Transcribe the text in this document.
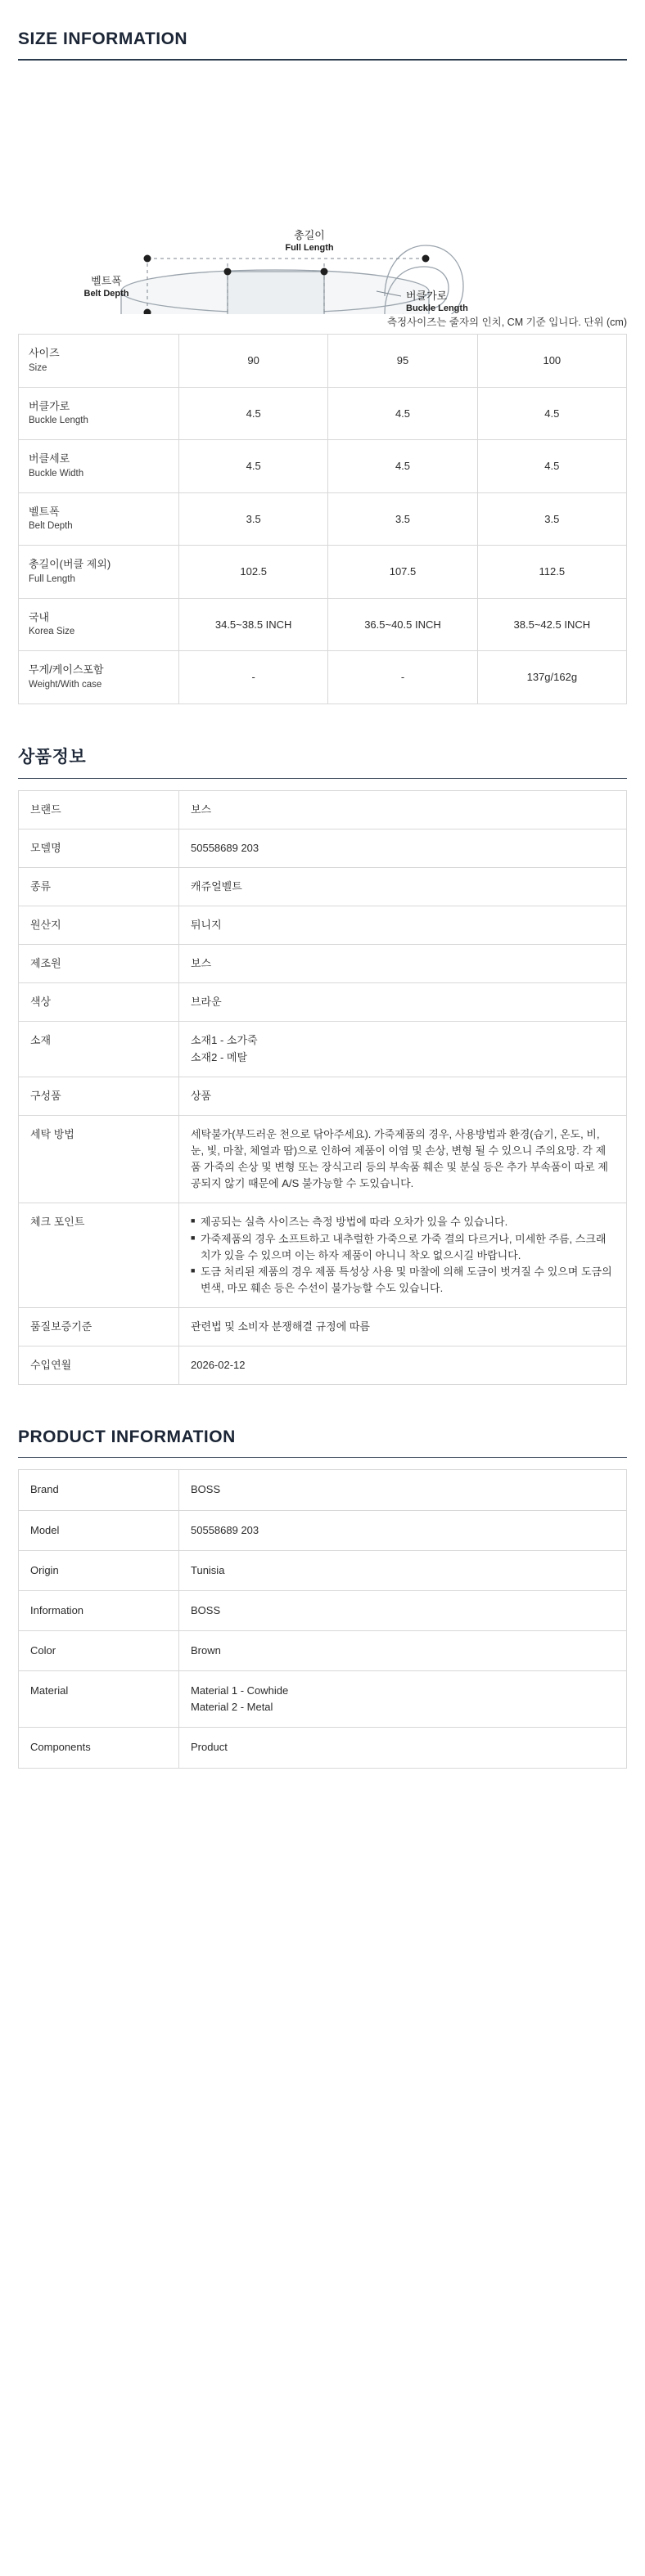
SIZE INFORMATION
총길이
Full Length
벨트폭
Belt Depth	버클가로
Buckle Length
측정사이즈는 줄자의 인치, CM 기준 입니다. 단위 (cm)
사이즈
Size	90	95	100

버클가로
Buckle Length	4.5	4.5	4.5

버클세로
Buckle Width	4.5	4.5	4.5

벨트폭
Belt Depth	3.5	3.5	3.5

총길이(버클 제외)
Full Length	102.5	107.5	112.5

국내
Korea Size	34.5~38.5 INCH	36.5~40.5 INCH	38.5~42.5 INCH

무게/케이스포함
Weight/With case	-	-	137g/162g
상품정보
브랜드	보스

모델명	50558689 203

종류	캐쥬얼벨트

원산지	튀니지

제조원	보스

색상	브라운

소재	소재1 - 소가죽
소재2 - 메탈

구성품	상품

세탁 방법	세탁불가(부드러운 천으로 닦아주세요). 가죽제품의 경우, 사용방법과 환경(습기, 온도, 비, 눈, 빛, 마찰, 체열과 땀)으로 인하여 제품이 이염 및 손상, 변형 될 수 있으니 주의요망. 각 제품 가죽의 손상 및 변형 또는 장식고리 등의 부속품 훼손 및 분실 등은 추가 부속품이 따로 제공되지 않기 때문에 A/S 불가능할 수 도있습니다.

체크 포인트	■ 제공되는 실측 사이즈는 측정 방법에 따라 오차가 있을 수 있습니다.
■ 가죽제품의 경우 소프트하고 내추럴한 가죽으로 가죽 결의 다르거나, 미세한 주름, 스크래치가 있을 수 있으며 이는 하자 제품이 아니니 착오 없으시길 바랍니다.
■ 도금 처리된 제품의 경우 제품 특성상 사용 및 마찰에 의해 도금이 벗겨질 수 있으며 도금의 변색, 마모 훼손 등은 수선이 불가능할 수도 있습니다.

품질보증기준	관련법 및 소비자 분쟁해결 규정에 따름

수입연월	2026-02-12
PRODUCT INFORMATION
Brand	BOSS

Model	50558689 203

Origin	Tunisia

Information	BOSS

Color	Brown

Material	Material 1 - Cowhide
Material 2 - Metal

Components	Product
